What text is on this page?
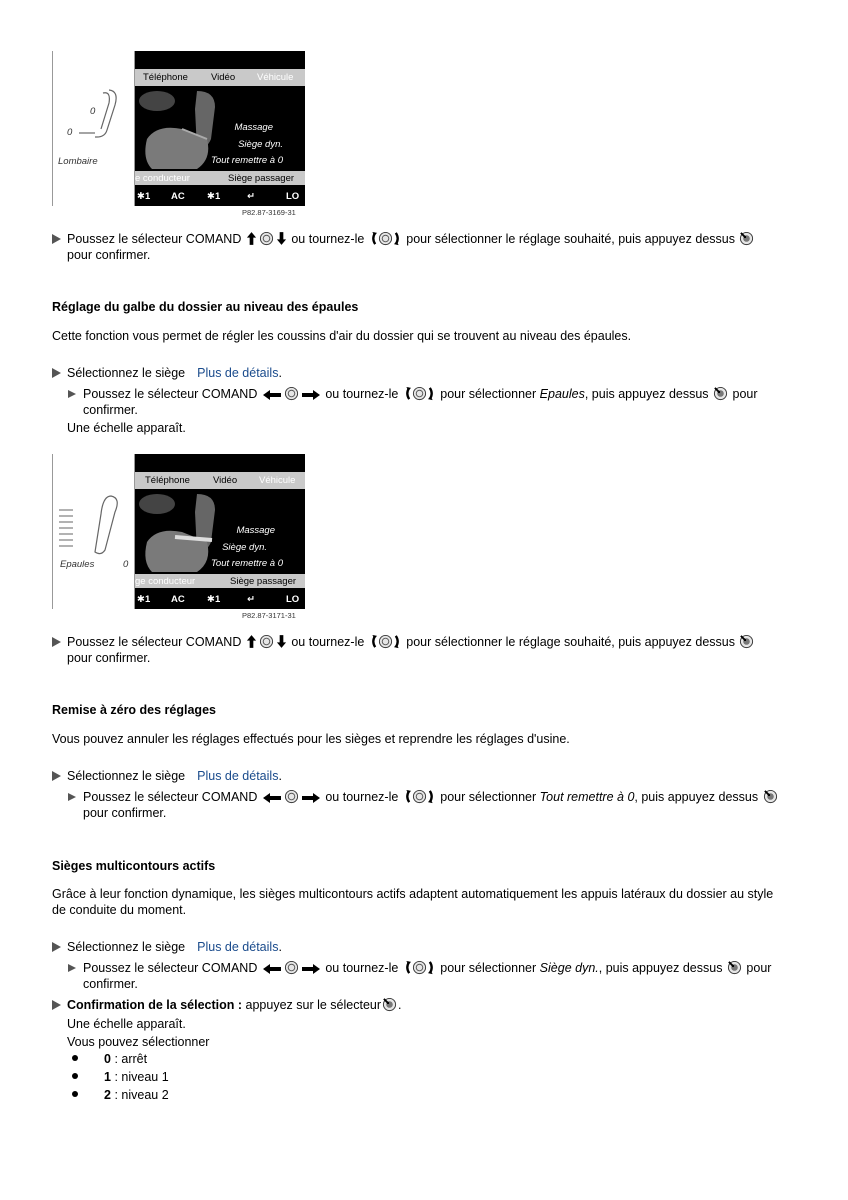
0
0
Lombaire
Téléphone Vidéo Véhicule
Massage
Siège dyn.
Tout remettre à 0
e conducteur	Siège passager
✱1 AC ✱1	↵	LO
P82.87-3169-31
Poussez le sélecteur COMAND	ou tournez-le	pour sélectionner le réglage souhaité, puis appuyez dessus
pour confirmer.
Réglage du galbe du dossier au niveau des épaules
Cette fonction vous permet de régler les coussins d'air du dossier qui se trouvent au niveau des épaules.
Sélectionnez le siège Plus de détails.
Poussez le sélecteur COMAND	ou tournez-le	pour sélectionner Epaules, puis appuyez dessus pour
confirmer.
Une échelle apparaît.
Epaules	0
Téléphone Vidéo Véhicule
Massage
Siège dyn.
Tout remettre à 0
ge conducteur	Siège passager
✱1 AC ✱1	↵	LO
P82.87-3171-31
Poussez le sélecteur COMAND	ou tournez-le	pour sélectionner le réglage souhaité, puis appuyez dessus
pour confirmer.
Remise à zéro des réglages
Vous pouvez annuler les réglages effectués pour les sièges et reprendre les réglages d'usine.
Sélectionnez le siège Plus de détails.
Poussez le sélecteur COMAND	ou tournez-le	pour sélectionner Tout remettre à 0, puis appuyez dessus
pour confirmer.
Sièges multicontours actifs
Grâce à leur fonction dynamique, les sièges multicontours actifs adaptent automatiquement les appuis latéraux du dossier au style
de conduite du moment.
Sélectionnez le siège Plus de détails.
Poussez le sélecteur COMAND	ou tournez-le	pour sélectionner Siège dyn., puis appuyez dessus pour
confirmer.
Confirmation de la sélection : appuyez sur le sélecteur .
Une échelle apparaît.
Vous pouvez sélectionner
0 : arrêt
1 : niveau 1
2 : niveau 2
